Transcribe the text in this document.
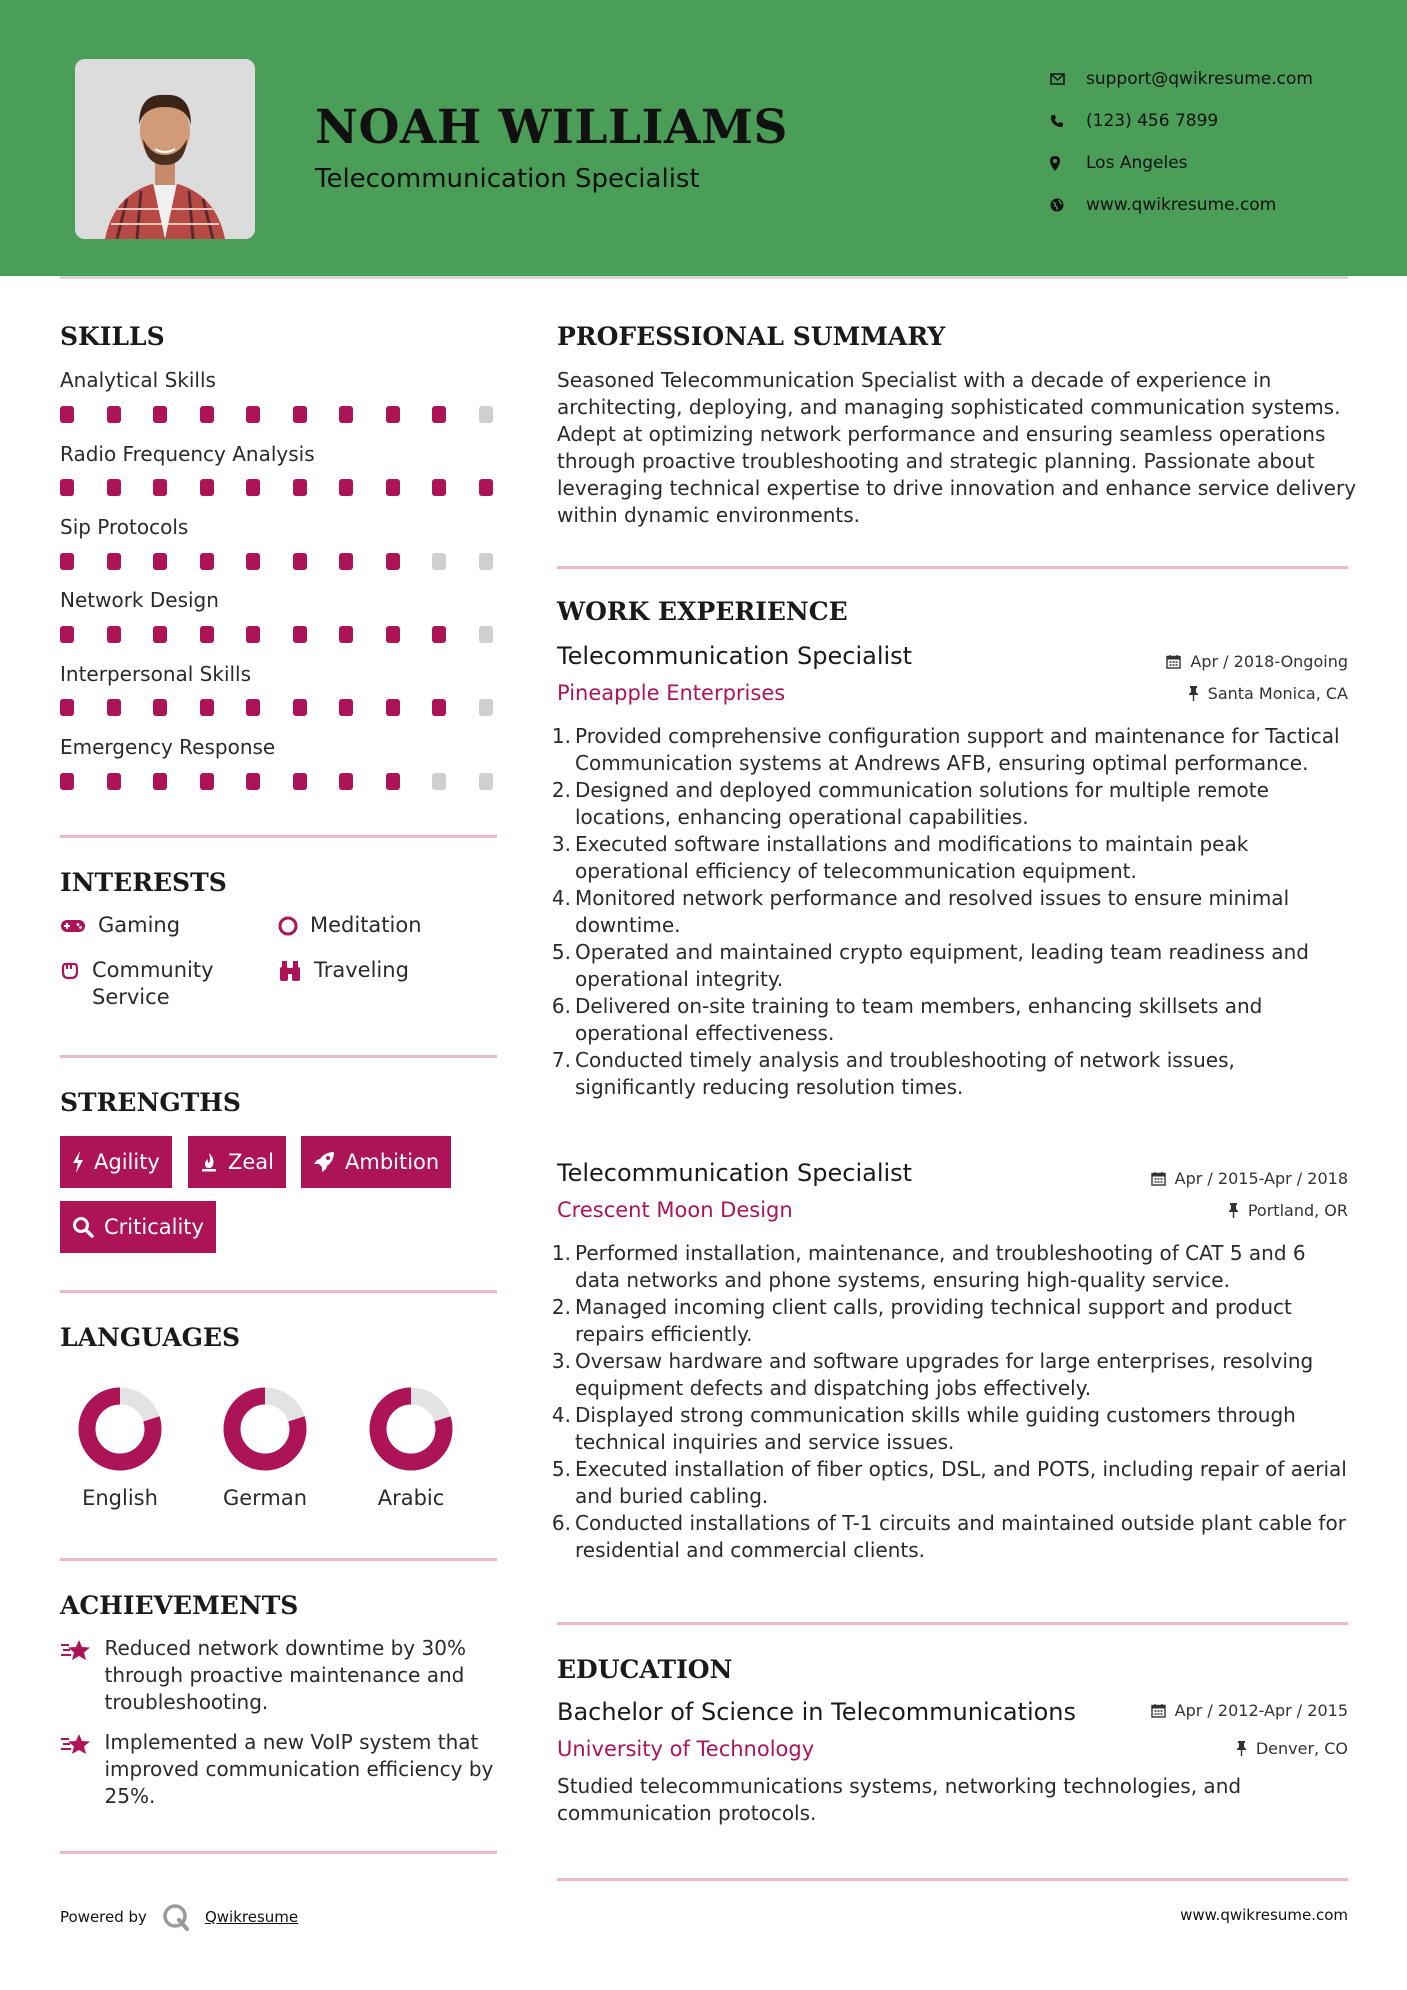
NOAH WILLIAMS
Telecommunication Specialist
support@qwikresume.com
(123) 456 7899
Los Angeles
www.qwikresume.com
SKILLS
Analytical Skills
Radio Frequency Analysis
Sip Protocols
Network Design
Interpersonal Skills
Emergency Response
INTERESTS
Gaming	Meditation
Community Service
Traveling
STRENGTHS
Agility	Zeal	Ambition
Criticality
LANGUAGES
English	German	Arabic
ACHIEVEMENTS
Reduced network downtime by 30% through proactive maintenance and troubleshooting.
Implemented a new VoIP system that improved communication efficiency by 25%.
PROFESSIONAL SUMMARY
Seasoned Telecommunication Specialist with a decade of experience in architecting, deploying, and managing sophisticated communication systems. Adept at optimizing network performance and ensuring seamless operations through proactive troubleshooting and strategic planning. Passionate about leveraging technical expertise to drive innovation and enhance service delivery within dynamic environments.
WORK EXPERIENCE
Telecommunication Specialist
Pineapple Enterprises
Apr / 2018-Ongoing
Santa Monica, CA
1. Provided comprehensive configuration support and maintenance for Tactical Communication systems at Andrews AFB, ensuring optimal performance.
2. Designed and deployed communication solutions for multiple remote locations, enhancing operational capabilities.
3. Executed software installations and modifications to maintain peak operational efficiency of telecommunication equipment.
4. Monitored network performance and resolved issues to ensure minimal downtime.
5. Operated and maintained crypto equipment, leading team readiness and operational integrity.
6. Delivered on-site training to team members, enhancing skillsets and operational effectiveness.
7. Conducted timely analysis and troubleshooting of network issues, significantly reducing resolution times.
Telecommunication Specialist
Crescent Moon Design
Apr / 2015-Apr / 2018
Portland, OR
1. Performed installation, maintenance, and troubleshooting of CAT 5 and 6 data networks and phone systems, ensuring high-quality service.
2. Managed incoming client calls, providing technical support and product repairs efficiently.
3. Oversaw hardware and software upgrades for large enterprises, resolving equipment defects and dispatching jobs effectively.
4. Displayed strong communication skills while guiding customers through technical inquiries and service issues.
5. Executed installation of fiber optics, DSL, and POTS, including repair of aerial and buried cabling.
6. Conducted installations of T-1 circuits and maintained outside plant cable for residential and commercial clients.
EDUCATION
Bachelor of Science in Telecommunications
University of Technology
Apr / 2012-Apr / 2015
Denver, CO
Studied telecommunications systems, networking technologies, and communication protocols.
Powered by	Qwikresume	www.qwikresume.com
